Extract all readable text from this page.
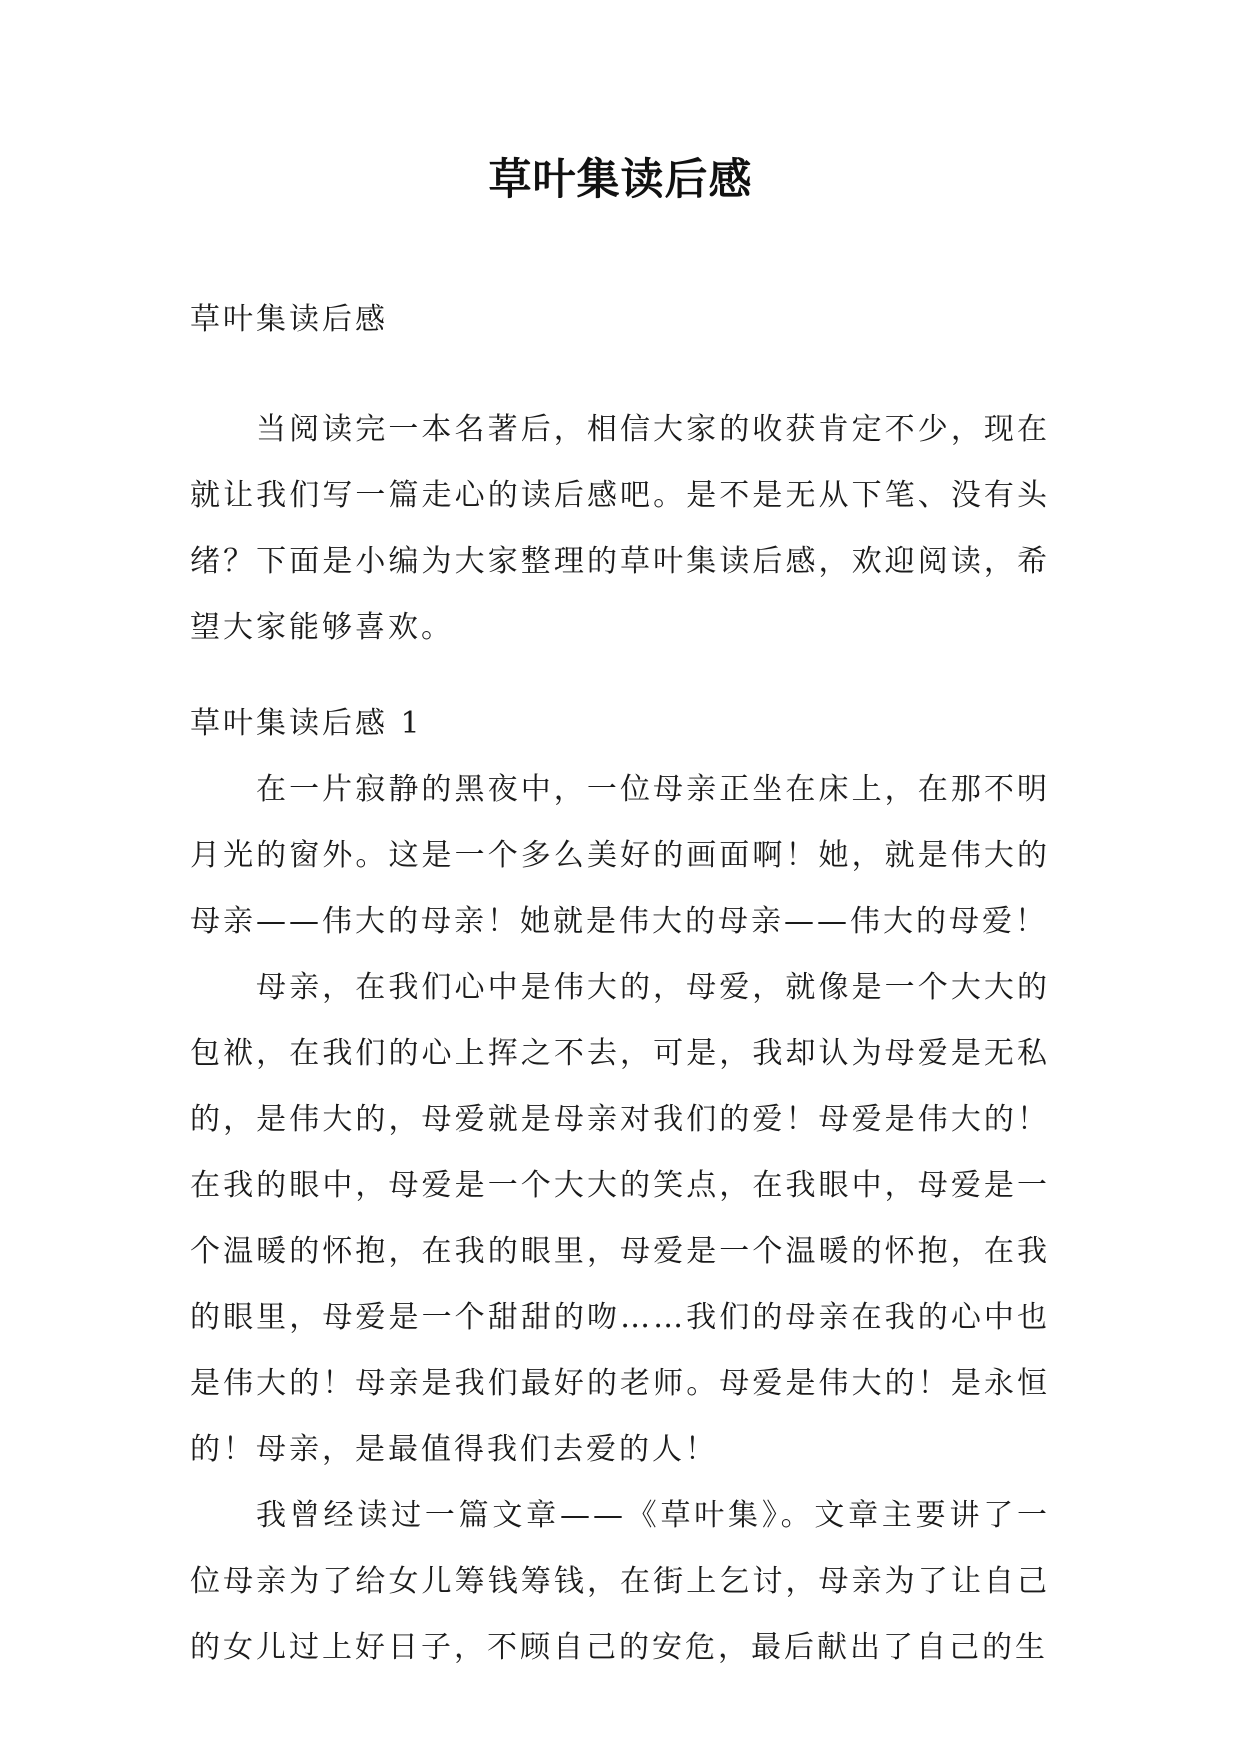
草叶集读后感

草叶集读后感

当阅读完一本名著后，相信大家的收获肯定不少，现在就让我们写一篇走心的读后感吧。是不是无从下笔、没有头绪？下面是小编为大家整理的草叶集读后感，欢迎阅读，希望大家能够喜欢。

草叶集读后感 1

在一片寂静的黑夜中，一位母亲正坐在床上，在那不明月光的窗外。这是一个多么美好的画面啊！她，就是伟大的母亲——伟大的母亲！她就是伟大的母亲——伟大的母爱！

母亲，在我们心中是伟大的，母爱，就像是一个大大的包袱，在我们的心上挥之不去，可是，我却认为母爱是无私的，是伟大的，母爱就是母亲对我们的爱！母爱是伟大的！在我的眼中，母爱是一个大大的笑点，在我眼中，母爱是一个温暖的怀抱，在我的眼里，母爱是一个温暖的怀抱，在我的眼里，母爱是一个甜甜的吻……我们的母亲在我的心中也是伟大的！母亲是我们最好的老师。母爱是伟大的！是永恒的！母亲，是最值得我们去爱的人！

我曾经读过一篇文章——《草叶集》。文章主要讲了一位母亲为了给女儿筹钱筹钱，在街上乞讨，母亲为了让自己的女儿过上好日子，不顾自己的安危，最后献出了自己的生
